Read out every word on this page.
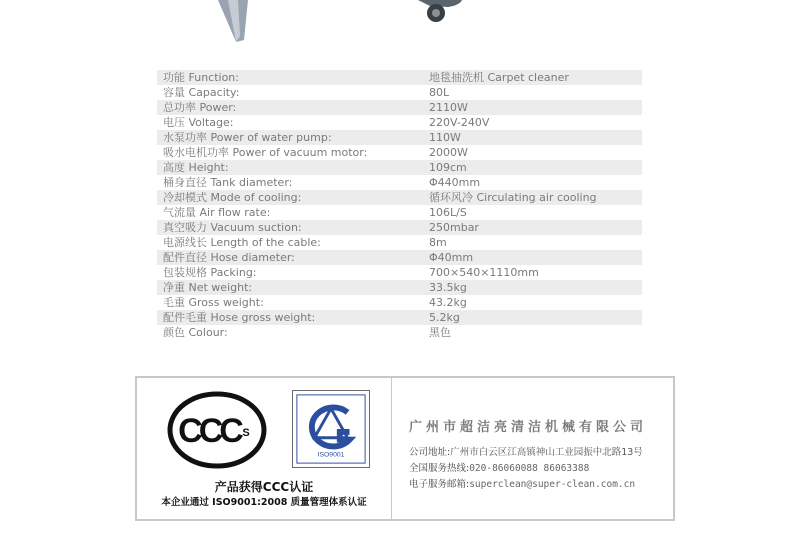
功能 Function:	地毯抽洗机 Carpet cleaner
容量 Capacity:	80L
总功率 Power:	2110W
电压 Voltage:	220V-240V
水泵功率 Power of water pump:	110W
吸水电机功率 Power of vacuum motor:	2000W
高度 Height:	109cm
桶身直径 Tank diameter:	Φ440mm
冷却模式 Mode of cooling:	循环风冷 Circulating air cooling
气流量 Air flow rate:	106L/S
真空吸力 Vacuum suction:	250mbar
电源线长 Length of the cable:	8m
配件直径 Hose diameter:	Φ40mm
包装规格 Packing:	700×540×1110mm
净重 Net weight:	33.5kg
毛重 Gross weight:	43.2kg
配件毛重 Hose gross weight:	5.2kg
颜色 Colour:	黑色
CCC S
ISO9001
产品获得CCC认证
本企业通过 ISO9001:2008 质量管理体系认证
广州市超洁亮清洁机械有限公司
公司地址:广州市白云区江高镇神山工业园振中北路13号
全国服务热线:020-86060088 86063388
电子服务邮箱:superclean@super-clean.com.cn
